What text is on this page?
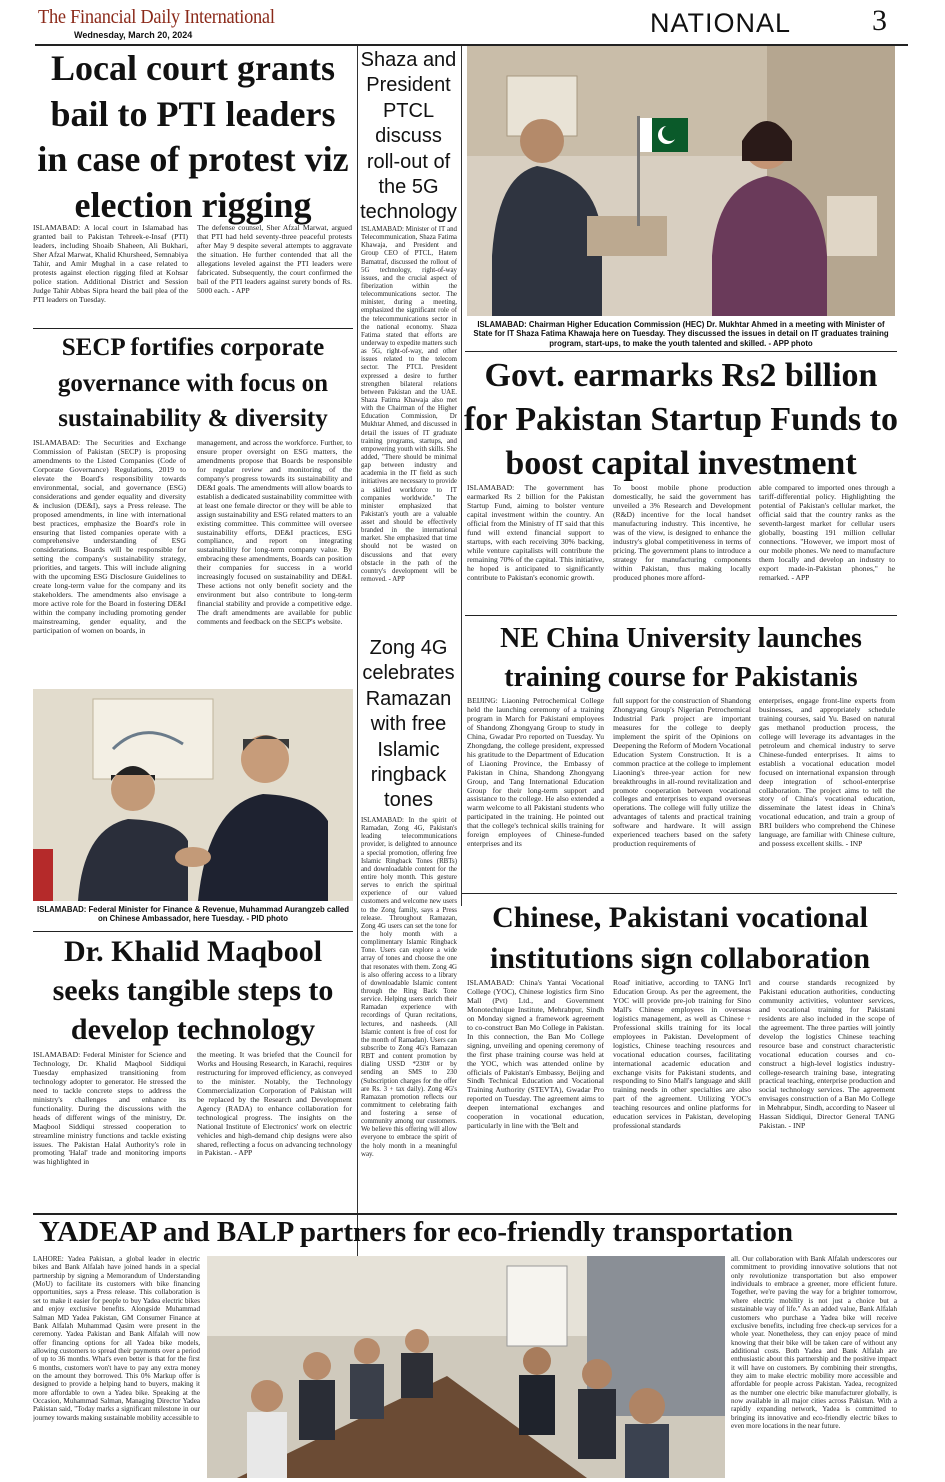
The Financial Daily International
Wednesday, March 20, 2024	NATIONAL	3
Local court grants bail to PTI leaders in case of protest viz election rigging
ISLAMABAD: A local court in Islamabad has granted bail to Pakistan Tehreek-e-Insaf (PTI) leaders, including Shoaib Shaheen, Ali Bukhari, Sher Afzal Marwat, Khalid Khursheed, Semnabiya Tahir, and Amir Mughal in a case related to protests against election rigging filed at Kohsar police station. Additional District and Session Judge Tahir Abbas Sipra heard the bail plea of the PTI leaders on Tuesday.
The defense counsel, Sher Afzal Marwat, argued that PTI had held seventy-three peaceful protests after May 9 despite several attempts to aggravate the situation. He further contended that all the allegations leveled against the PTI leaders were fabricated. Subsequently, the court confirmed the bail of the PTI leaders against surety bonds of Rs. 5000 each. - APP
Shaza and President PTCL discuss roll-out of the 5G technology
ISLAMABAD: Minister of IT and Telecommunication, Shaza Fatima Khawaja, and President and Group CEO of PTCL, Hatem Bamatraf, discussed the rollout of 5G technology, right-of-way issues, and the crucial aspect of fiberization within the telecommunications sector. The minister, during a meeting, emphasized the significant role of the telecommunications sector in the national economy. Shaza Fatima stated that efforts are underway to expedite matters such as 5G, right-of-way, and other issues related to the telecom sector. The PTCL President expressed a desire to further strengthen bilateral relations between Pakistan and the UAE. Shaza Fatima Khawaja also met with the Chairman of the Higher Education Commission, Dr Mukhtar Ahmed, and discussed in detail the issues of IT graduate training programs, startups, and empowering youth with skills. She added, "There should be minimal gap between industry and academia in the IT field as such initiatives are necessary to provide a skilled workforce to IT companies worldwide." The minister emphasized that Pakistan's youth are a valuable asset and should be effectively branded in the international market. She emphasized that time should not be wasted on discussions and that every obstacle in the path of the country's development will be removed. - APP
ISLAMABAD: Chairman Higher Education Commission (HEC) Dr. Mukhtar Ahmed in a meeting with Minister of State for IT Shaza Fatima Khawaja here on Tuesday. They discussed the issues in detail on IT graduates training program, start-ups, to make the youth talented and skilled. - APP photo
SECP fortifies corporate governance with focus on sustainability & diversity
ISLAMABAD: The Securities and Exchange Commission of Pakistan (SECP) is proposing amendments to the Listed Companies (Code of Corporate Governance) Regulations, 2019 to elevate the Board's responsibility towards environmental, social, and governance (ESG) considerations and gender equality and diversity & inclusion (DE&I), says a Press release. The proposed amendments, in line with international best practices, emphasize the Board's role in ensuring that listed companies operate with a comprehensive understanding of ESG considerations. Boards will be responsible for setting the company's sustainability strategy, priorities, and targets. This will include aligning with the upcoming ESG Disclosure Guidelines to create long-term value for the company and its stakeholders. The amendments also envisage a more active role for the Board in fostering DE&I within the company including promoting gender mainstreaming, gender equality, and the participation of women on boards, in
management, and across the workforce. Further, to ensure proper oversight on ESG matters, the amendments propose that Boards be responsible for regular review and monitoring of the company's progress towards its sustainability and DE&I goals. The amendments will allow boards to establish a dedicated sustainability committee with at least one female director or they will be able to assign sustainability and ESG related matters to an existing committee. This committee will oversee sustainability efforts, DE&I practices, ESG compliance, and report on integrating sustainability for long-term company value. By embracing these amendments, Boards can position their companies for success in a world increasingly focused on sustainability and DE&I. These actions not only benefit society and the environment but also contribute to long-term financial stability and provide a competitive edge. The draft amendments are available for public comments and feedback on the SECP's website.
Govt. earmarks Rs2 billion for Pakistan Startup Funds to boost capital investment
ISLAMABAD: The government has earmarked Rs 2 billion for the Pakistan Startup Fund, aiming to bolster venture capital investment within the country. An official from the Ministry of IT said that this fund will extend financial support to startups, with each receiving 30% backing, while venture capitalists will contribute the remaining 70% of the capital. This initiative, he hoped is anticipated to significantly contribute to Pakistan's economic growth.
To boost mobile phone production domestically, he said the government has unveiled a 3% Research and Development (R&D) incentive for the local handset manufacturing industry. This incentive, he was of the view, is designed to enhance the industry's global competitiveness in terms of pricing. The government plans to introduce a strategy for manufacturing components within Pakistan, thus making locally produced phones more afford-
able compared to imported ones through a tariff-differential policy. Highlighting the potential of Pakistan's cellular market, the official said that the country ranks as the seventh-largest market for cellular users globally, boasting 191 million cellular connections. "However, we import most of our mobile phones. We need to manufacture them locally and develop an industry to export made-in-Pakistan phones," he remarked. - APP
Zong 4G celebrates Ramazan with free Islamic ringback tones
ISLAMABAD: In the spirit of Ramadan, Zong 4G, Pakistan's leading telecommunications provider, is delighted to announce a special promotion, offering free Islamic Ringback Tones (RBTs) and downloadable content for the entire holy month. This gesture serves to enrich the spiritual experience of our valued customers and welcome new users to the Zong family, says a Press release. Throughout Ramazan, Zong 4G users can set the tone for the holy month with a complimentary Islamic Ringback Tone. Users can explore a wide array of tones and choose the one that resonates with them. Zong 4G is also offering access to a library of downloadable Islamic content through the Ring Back Tone service. Helping users enrich their Ramadan experience with recordings of Quran recitations, lectures, and nasheeds. (All Islamic content is free of cost for the month of Ramadan). Users can subscribe to Zong 4G's Ramazan RBT and content promotion by dialing USSD *230# or by sending an SMS to 230 (Subscription charges for the offer are Rs. 3 + tax daily). Zong 4G's Ramazan promotion reflects our commitment to celebrating faith and fostering a sense of community among our customers. We believe this offering will allow everyone to embrace the spirit of the holy month in a meaningful way.
ISLAMABAD: Federal Minister for Finance & Revenue, Muhammad Aurangzeb called on Chinese Ambassador, here Tuesday. - PID photo
NE China University launches training course for Pakistanis
BEIJING: Liaoning Petrochemical College held the launching ceremony of a training program in March for Pakistani employees of Shandong Zhongyang Group to study in China, Gwadar Pro reported on Tuesday. Yu Zhongdang, the college president, expressed his gratitude to the Department of Education of Liaoning Province, the Embassy of Pakistan in China, Shandong Zhongyang Group, and Tang International Education Group for their long-term support and assistance to the college. He also extended a warm welcome to all Pakistani students who participated in the training. He pointed out that the college's technical skills training for foreign employees of Chinese-funded enterprises and its
full support for the construction of Shandong Zhongyang Group's Nigerian Petrochemical Industrial Park project are important measures for the college to deeply implement the spirit of the Opinions on Deepening the Reform of Modern Vocational Education System Construction. It is a common practice at the college to implement Liaoning's three-year action for new breakthroughs in all-round revitalization and promote cooperation between vocational colleges and enterprises to expand overseas operations. The college will fully utilize the advantages of talents and practical training software and hardware. It will assign experienced teachers based on the safety production requirements of
enterprises, engage front-line experts from businesses, and appropriately schedule training courses, said Yu. Based on natural gas methanol production process, the college will leverage its advantages in the petroleum and chemical industry to serve Chinese-funded enterprises. It aims to establish a vocational education model focused on international expansion through deep integration of school-enterprise collaboration. The project aims to tell the story of China's vocational education, disseminate the latest ideas in China's vocational education, and train a group of BRI builders who comprehend the Chinese language, are familiar with Chinese culture, and possess excellent skills. - INP
Dr. Khalid Maqbool seeks tangible steps to develop technology
ISLAMABAD: Federal Minister for Science and Technology, Dr. Khalid Maqbool Siddiqui Tuesday emphasized transitioning from technology adopter to generator. He stressed the need to tackle concrete steps to address the ministry's challenges and enhance its functionality. During the discussions with the heads of different wings of the ministry, Dr. Maqbool Siddiqui stressed cooperation to streamline ministry functions and tackle existing issues. The Pakistan Halal Authority's role in promoting 'Halal' trade and monitoring imports was highlighted in
the meeting. It was briefed that the Council for Works and Housing Research, in Karachi, requires restructuring for improved efficiency, as conveyed to the minister. Notably, the Technology Commercialization Corporation of Pakistan will be replaced by the Research and Development Agency (RADA) to enhance collaboration for technological progress. The insights on the National Institute of Electronics' work on electric vehicles and high-demand chip designs were also shared, reflecting a focus on advancing technology in Pakistan. - APP
Chinese, Pakistani vocational institutions sign collaboration
ISLAMABAD: China's Yantai Vocational College (YOC), Chinese logistics firm Sino Mall (Pvt) Ltd., and Government Monotechnique Institute, Mehrabpur, Sindh on Monday signed a framework agreement to co-construct Ban Mo College in Pakistan. In this connection, the Ban Mo College signing, unveiling and opening ceremony of the first phase training course was held at the YOC, which was attended online by officials of Pakistan's Embassy, Beijing and Sindh Technical Education and Vocational Training Authority (STEVTA), Gwadar Pro reported on Tuesday. The agreement aims to deepen international exchanges and cooperation in vocational education, particularly in line with the 'Belt and
Road' initiative, according to TANG Int'l Education Group. As per the agreement, the YOC will provide pre-job training for Sino Mall's Chinese employees in overseas logistics management, as well as Chinese + Professional skills training for its local employees in Pakistan. Development of logistics, Chinese teaching resources and vocational education courses, facilitating international academic education and exchange visits for Pakistani students, and responding to Sino Mall's language and skill training needs in other specialties are also part of the agreement. Utilizing YOC's teaching resources and online platforms for education services in Pakistan, developing professional standards
and course standards recognized by Pakistani education authorities, conducting community activities, volunteer services, and vocational training for Pakistani residents are also included in the scope of the agreement. The three parties will jointly develop the logistics Chinese teaching resource base and construct characteristic vocational education courses and co-construct a high-level logistics industry-college-research training base, integrating practical teaching, enterprise production and social technology services. The agreement envisages construction of a Ban Mo College in Mehrabpur, Sindh, according to Naseer ul Hassan Siddiqui, Director General TANG Pakistan. - INP
YADEAP and BALP partners for eco-friendly transportation
LAHORE: Yadea Pakistan, a global leader in electric bikes and Bank Alfalah have joined hands in a special partnership by signing a Memorandum of Understanding (MoU) to facilitate its customers with bike financing opportunities, says a Press release. This collaboration is set to make it easier for people to buy Yadea electric bikes and enjoy exclusive benefits. Alongside Muhammad Salman MD Yadea Pakistan, GM Consumer Finance at Bank Alfalah Muhammad Qasim were present in the ceremony. Yadea Pakistan and Bank Alfalah will now offer financing options for all Yadea bike models, allowing customers to spread their payments over a period of up to 36 months. What's even better is that for the first 6 months, customers won't have to pay any extra money on the amount they borrowed. This 0% Markup offer is designed to provide a helping hand to buyers, making it more affordable to own a Yadea bike. Speaking at the Occasion, Muhammad Salman, Managing Director Yadea Pakistan said, "Today marks a significant milestone in our journey towards making sustainable mobility accessible to
all. Our collaboration with Bank Alfalah underscores our commitment to providing innovative solutions that not only revolutionize transportation but also empower individuals to embrace a greener, more efficient future. Together, we're paving the way for a brighter tomorrow, where electric mobility is not just a choice but a sustainable way of life." As an added value, Bank Alfalah customers who purchase a Yadea bike will receive exclusive benefits, including free check-up services for a whole year. Nonetheless, they can enjoy peace of mind knowing that their bike will be taken care of without any additional costs. Both Yadea and Bank Alfalah are enthusiastic about this partnership and the positive impact it will have on customers. By combining their strengths, they aim to make electric mobility more accessible and affordable for people across Pakistan. Yadea, recognized as the number one electric bike manufacturer globally, is now available in all major cities across Pakistan. With a rapidly expanding network, Yadea is committed to bringing its innovative and eco-friendly electric bikes to even more locations in the near future.
